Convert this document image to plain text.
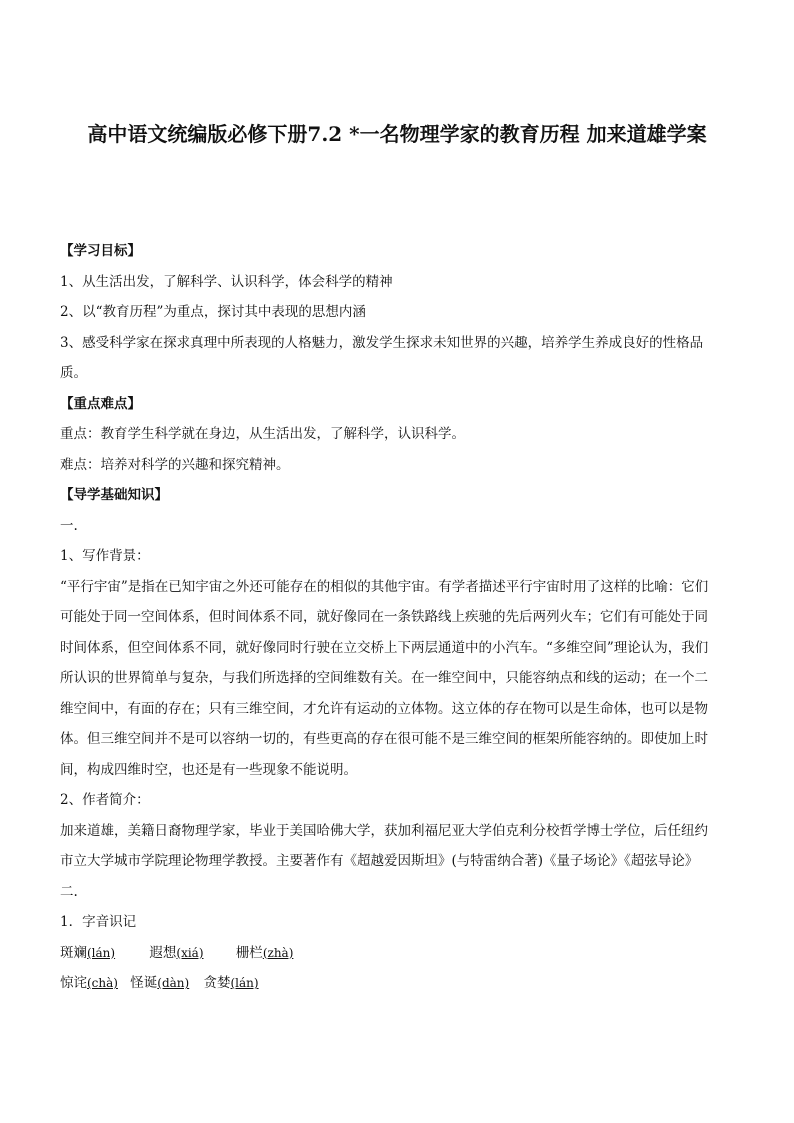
高中语文统编版必修下册7.2 *一名物理学家的教育历程 加来道雄学案

【学习目标】

1、从生活出发，了解科学、认识科学，体会科学的精神

2、以“教育历程”为重点，探讨其中表现的思想内涵

3、感受科学家在探求真理中所表现的人格魅力，激发学生探求未知世界的兴趣，培养学生养成良好的性格品质。

【重点难点】

重点：教育学生科学就在身边，从生活出发，了解科学，认识科学。

难点：培养对科学的兴趣和探究精神。

【导学基础知识】

一.

1、写作背景：

“平行宇宙”是指在已知宇宙之外还可能存在的相似的其他宇宙。有学者描述平行宇宙时用了这样的比喻：它们可能处于同一空间体系，但时间体系不同，就好像同在一条铁路线上疾驰的先后两列火车；它们有可能处于同时间体系，但空间体系不同，就好像同时行驶在立交桥上下两层通道中的小汽车。“多维空间”理论认为，我们所认识的世界简单与复杂，与我们所选择的空间维数有关。在一维空间中，只能容纳点和线的运动；在一个二维空间中，有面的存在；只有三维空间，才允许有运动的立体物。这立体的存在物可以是生命体，也可以是物体。但三维空间并不是可以容纳一切的，有些更高的存在很可能不是三维空间的框架所能容纳的。即使加上时间，构成四维时空，也还是有一些现象不能说明。

2、作者简介：

加来道雄，美籍日裔物理学家，毕业于美国哈佛大学，获加利福尼亚大学伯克利分校哲学博士学位，后任纽约市立大学城市学院理论物理学教授。主要著作有《超越爱因斯坦》(与特雷纳合著)《量子场论》《超弦导论》

二.

1．字音识记

斑斓(lán)	遐想(xiá) 栅栏(zhà)

惊诧(chà) 怪诞(dàn) 贪婪(lán)
